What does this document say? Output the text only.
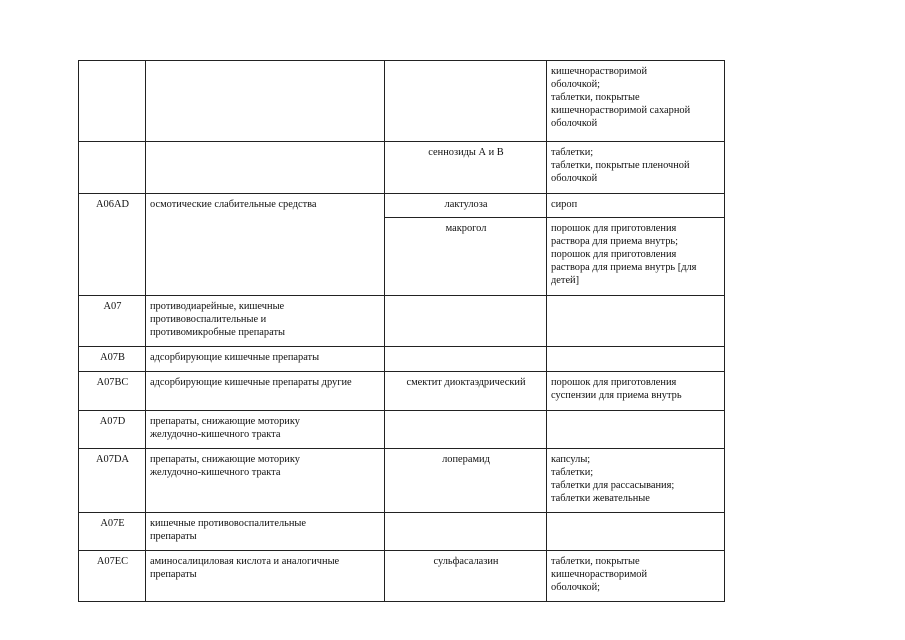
			кишечнорастворимой
оболочкой;
таблетки, покрытые
кишечнорастворимой сахарной
оболочкой
		сеннозиды А и В	таблетки;
таблетки, покрытые пленочной
оболочкой

A06AD	осмотические слабительные средства	лактулоза	сироп
		макрогол	порошок для приготовления
раствора для приема внутрь;
порошок для приготовления
раствора для приема внутрь [для
детей]
A07	противодиарейные, кишечные
противовоспалительные и
противомикробные препараты		
A07B	адсорбирующие кишечные препараты		
A07BC	адсорбирующие кишечные препараты другие	смектит диоктаэдрический	порошок для приготовления
суспензии для приема внутрь
A07D	препараты, снижающие моторику
желудочно-кишечного тракта		
A07DA	препараты, снижающие моторику
желудочно-кишечного тракта	лоперамид	капсулы;
таблетки;
таблетки для рассасывания;
таблетки жевательные
A07E	кишечные противовоспалительные
препараты		
A07EC	аминосалициловая кислота и аналогичные
препараты	сульфасалазин	таблетки, покрытые
кишечнорастворимой
оболочкой;
